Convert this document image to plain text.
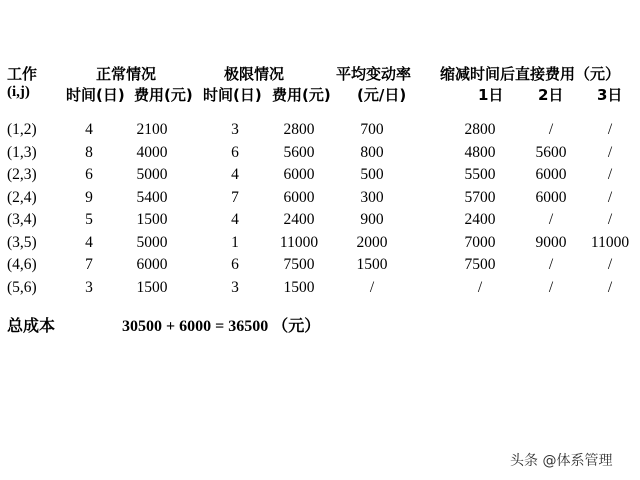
工作	正常情况	极限情况	平均变动率 缩减时间后直接费用（元）
(i,j) 时间(日) 费用(元) 时间(日) 费用(元) (元/日)	1日 2日 3日
(1,2)	4	2100	3	2800	700	2800	/	/
(1,3)	8	4000	6	5600	800	4800	5600	/
(2,3)	6	5000	4	6000	500	5500	6000	/
(2,4)	9	5400	7	6000	300	5700	6000	/
(3,4)	5	1500	4	2400	900	2400	/	/
(3,5)	4	5000	1	11000	2000	7000	9000	11000
(4,6)	7	6000	6	7500	1500	7500	/	/
(5,6)	3	1500	3	1500	/	/	/	/
总成本	30500 + 6000 = 36500 （元）
头条 @体系管理
